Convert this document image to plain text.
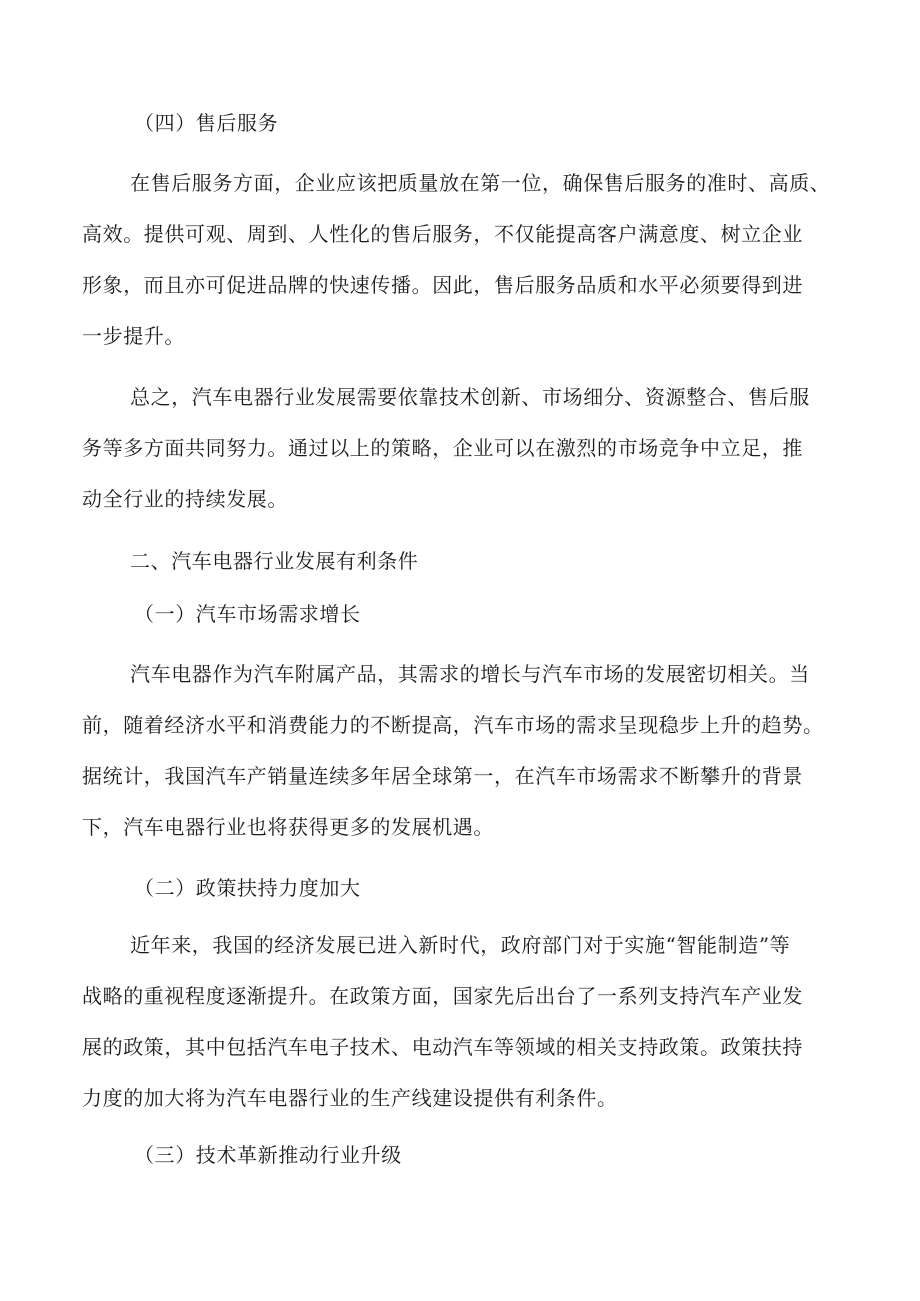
（四）售后服务
在售后服务方面，企业应该把质量放在第一位，确保售后服务的准时、高质、
高效。提供可观、周到、人性化的售后服务，不仅能提高客户满意度、树立企业
形象，而且亦可促进品牌的快速传播。因此，售后服务品质和水平必须要得到进
一步提升。
总之，汽车电器行业发展需要依靠技术创新、市场细分、资源整合、售后服
务等多方面共同努力。通过以上的策略，企业可以在激烈的市场竞争中立足，推
动全行业的持续发展。
二、汽车电器行业发展有利条件
（一）汽车市场需求增长
汽车电器作为汽车附属产品，其需求的增长与汽车市场的发展密切相关。当
前，随着经济水平和消费能力的不断提高，汽车市场的需求呈现稳步上升的趋势。
据统计，我国汽车产销量连续多年居全球第一，在汽车市场需求不断攀升的背景
下，汽车电器行业也将获得更多的发展机遇。
（二）政策扶持力度加大
近年来，我国的经济发展已进入新时代，政府部门对于实施“智能制造”等
战略的重视程度逐渐提升。在政策方面，国家先后出台了一系列支持汽车产业发
展的政策，其中包括汽车电子技术、电动汽车等领域的相关支持政策。政策扶持
力度的加大将为汽车电器行业的生产线建设提供有利条件。
（三）技术革新推动行业升级
